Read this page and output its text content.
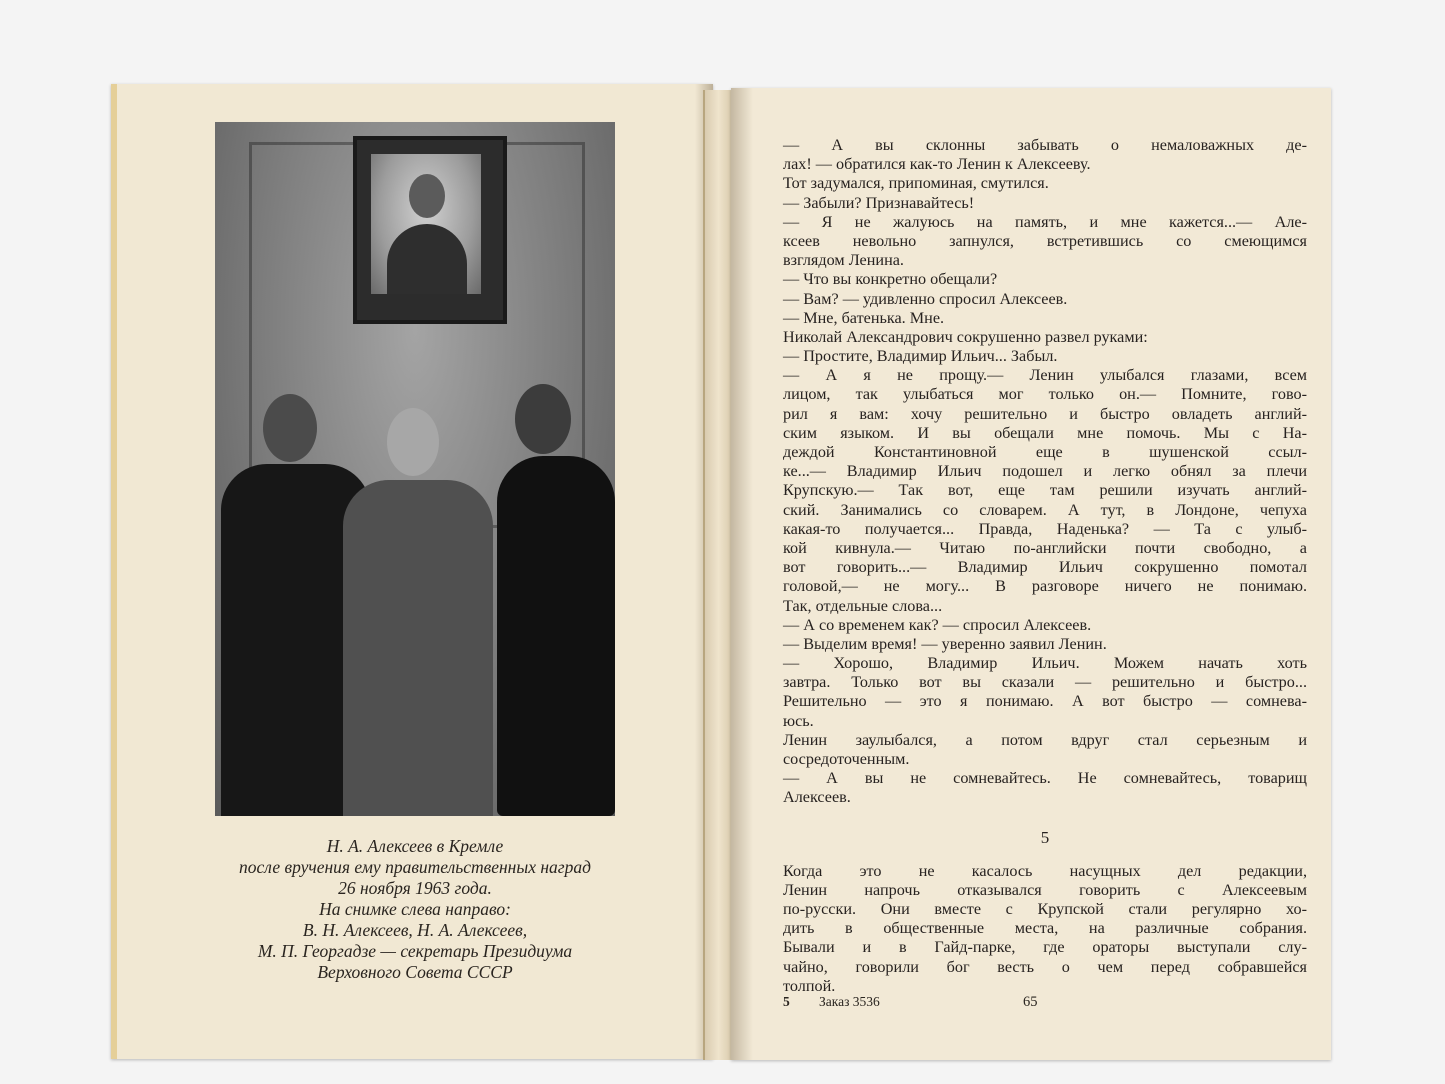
Н. А. Алексеев в Кремле
после вручения ему правительственных наград
26 ноября 1963 года.
На снимке слева направо:
В. Н. Алексеев, Н. А. Алексеев,
М. П. Георгадзе — секретарь Президиума
Верховного Совета СССР
— А вы склонны забывать о немаловажных де-
лах! — обратился как-то Ленин к Алексееву.
Тот задумался, припоминая, смутился.
— Забыли? Признавайтесь!
— Я не жалуюсь на память, и мне кажется...— Але-
ксеев невольно запнулся, встретившись со смеющимся
взглядом Ленина.
— Что вы конкретно обещали?
— Вам? — удивленно спросил Алексеев.
— Мне, батенька. Мне.
Николай Александрович сокрушенно развел руками:
— Простите, Владимир Ильич... Забыл.
— А я не прощу.— Ленин улыбался глазами, всем
лицом, так улыбаться мог только он.— Помните, гово-
рил я вам: хочу решительно и быстро овладеть англий-
ским языком. И вы обещали мне помочь. Мы с На-
деждой Константиновной еще в шушенской ссыл-
ке...— Владимир Ильич подошел и легко обнял за плечи
Крупскую.— Так вот, еще там решили изучать англий-
ский. Занимались со словарем. А тут, в Лондоне, чепуха
какая-то получается... Правда, Наденька? — Та с улыб-
кой кивнула.— Читаю по-английски почти свободно, а
вот говорить...— Владимир Ильич сокрушенно помотал
головой,— не могу... В разговоре ничего не понимаю.
Так, отдельные слова...
— А со временем как? — спросил Алексеев.
— Выделим время! — уверенно заявил Ленин.
— Хорошо, Владимир Ильич. Можем начать хоть
завтра. Только вот вы сказали — решительно и быстро...
Решительно — это я понимаю. А вот быстро — сомнева-
юсь.
Ленин заулыбался, а потом вдруг стал серьезным и
сосредоточенным.
— А вы не сомневайтесь. Не сомневайтесь, товарищ
Алексеев.
5
Когда это не касалось насущных дел редакции,
Ленин напрочь отказывался говорить с Алексеевым
по-русски. Они вместе с Крупской стали регулярно хо-
дить в общественные места, на различные собрания.
Бывали и в Гайд-парке, где ораторы выступали слу-
чайно, говорили бог весть о чем перед собравшейся
толпой.
5 Заказ 3536	65
